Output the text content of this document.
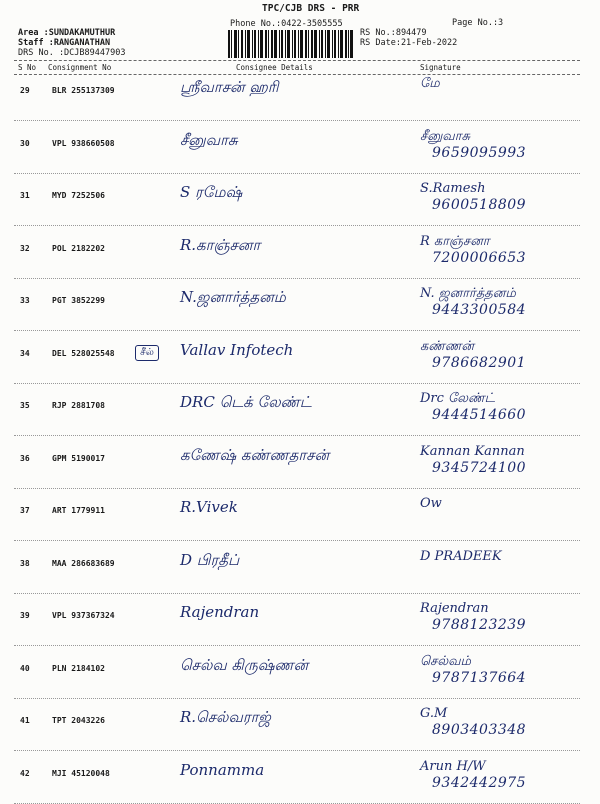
TPC/CJB DRS - PRR
Phone No.:0422-3505555	Page No.:3
Area :SUNDAKAMUTHUR
Staff :RANGANATHAN
DRS No. :DCJB89447903
RS No.:894479
RS Date:21-Feb-2022
S No Consignment No	Consignee Details	Signature
29	BLR 255137309	ஸ்ரீவாசன் ஹரி	மே
30	VPL 938660508	சீனுவாசு	சீனுவாசு
9659095993
31	MYD 7252506	S ரமேஷ்	S.Ramesh
9600518809
32	POL 2182202	R.காஞ்சனா	R காஞ்சனா
7200006653
33	PGT 3852299	N.ஜனார்த்தனம்	N. ஜனார்த்தனம்
9443300584
34	DEL 528025548	Vallav Infotech	கண்ணன்
9786682901
சீல்
35	RJP 2881708	DRC டெக் லேண்ட்	Drc லேண்ட்
9444514660
36	GPM 5190017	கணேஷ் கண்ணதாசன்	Kannan Kannan
9345724100
37	ART 1779911	R.Vivek	Ow
38	MAA 286683689	D பிரதீப்	D PRADEEK
39	VPL 937367324	Rajendran	Rajendran
9788123239
40	PLN 2184102	செல்வ கிருஷ்ணன்	செல்வம்
9787137664
41	TPT 2043226	R.செல்வராஜ்	G.M
8903403348
42	MJI 45120048	Ponnamma	Arun H/W
9342442975
